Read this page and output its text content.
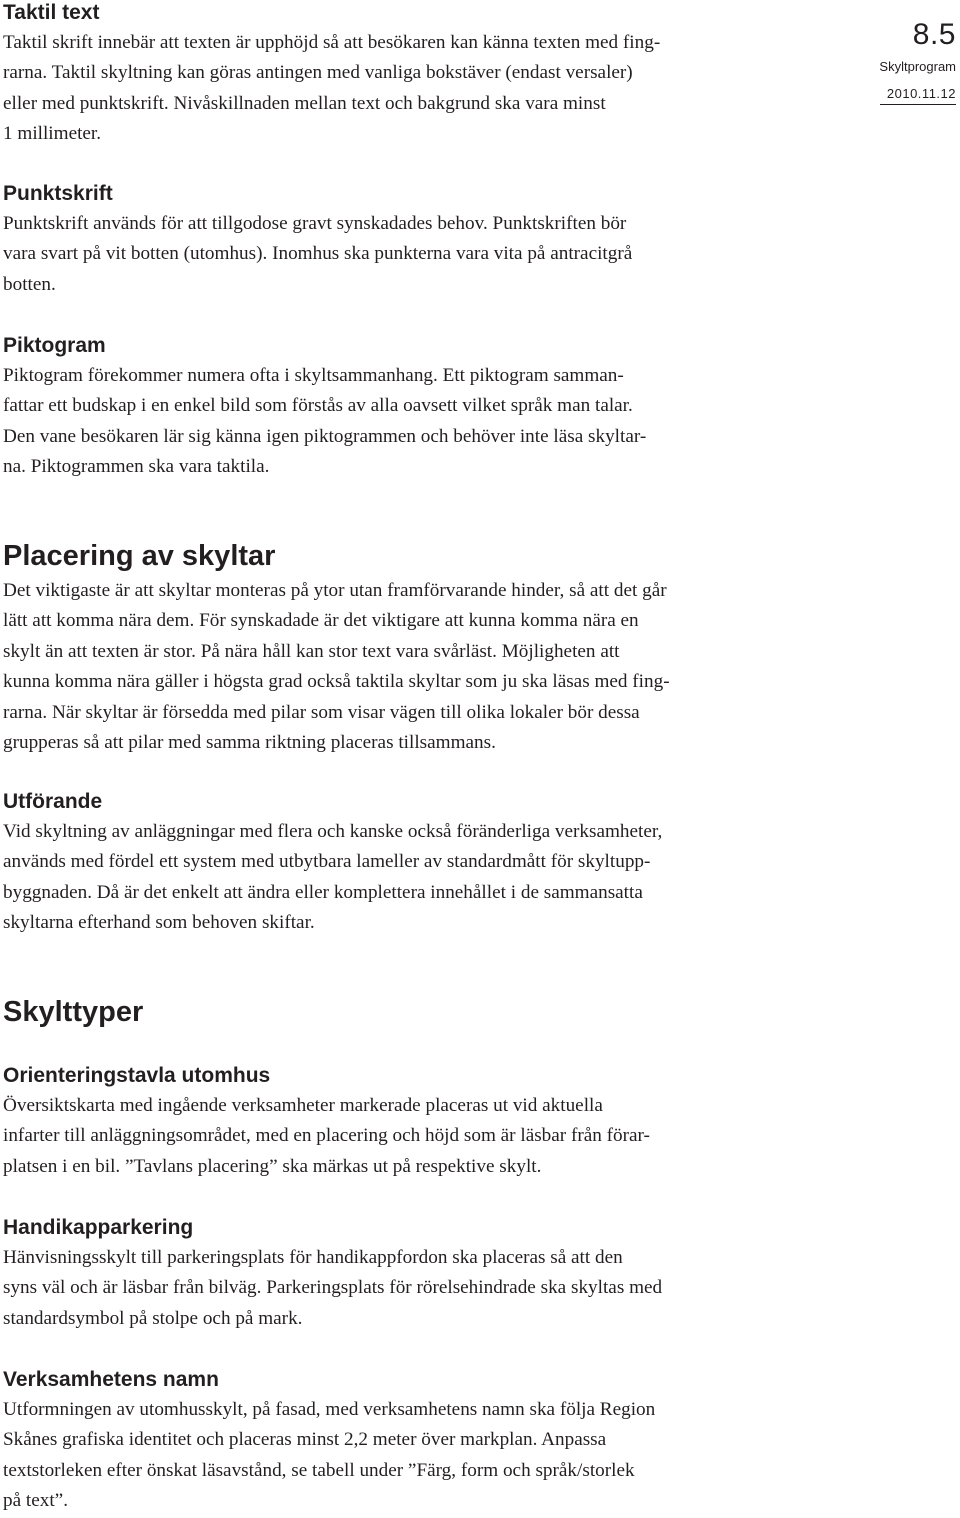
8.5
Skyltprogram
2010.11.12
Taktil text

Taktil skrift innebär att texten är upphöjd så att besökaren kan känna texten med fing-
rarna. Taktil skyltning kan göras antingen med vanliga bokstäver (endast versaler)
eller med punktskrift. Nivåskillnaden mellan text och bakgrund ska vara minst
1 millimeter.

Punktskrift

Punktskrift används för att tillgodose gravt synskadades behov. Punktskriften bör
vara svart på vit botten (utomhus). Inomhus ska punkterna vara vita på antracitgrå
botten.

Piktogram

Piktogram förekommer numera ofta i skyltsammanhang. Ett piktogram samman-
fattar ett budskap i en enkel bild som förstås av alla oavsett vilket språk man talar.
Den vane besökaren lär sig känna igen piktogrammen och behöver inte läsa skyltar-
na. Piktogrammen ska vara taktila.

Placering av skyltar

Det viktigaste är att skyltar monteras på ytor utan framförvarande hinder, så att det går
lätt att komma nära dem. För synskadade är det viktigare att kunna komma nära en
skylt än att texten är stor. På nära håll kan stor text vara svårläst. Möjligheten att
kunna komma nära gäller i högsta grad också taktila skyltar som ju ska läsas med fing-
rarna. När skyltar är försedda med pilar som visar vägen till olika lokaler bör dessa
grupperas så att pilar med samma riktning placeras tillsammans.

Utförande

Vid skyltning av anläggningar med flera och kanske också föränderliga verksamheter,
används med fördel ett system med utbytbara lameller av standardmått för skyltupp-
byggnaden. Då är det enkelt att ändra eller komplettera innehållet i de sammansatta
skyltarna efterhand som behoven skiftar.

Skylttyper
Orienteringstavla utomhus

Översiktskarta med ingående verksamheter markerade placeras ut vid aktuella
infarter till anläggningsområdet, med en placering och höjd som är läsbar från förar-
platsen i en bil. ”Tavlans placering” ska märkas ut på respektive skylt.

Handikapparkering

Hänvisningsskylt till parkeringsplats för handikappfordon ska placeras så att den
syns väl och är läsbar från bilväg. Parkeringsplats för rörelsehindrade ska skyltas med
standardsymbol på stolpe och på mark.

Verksamhetens namn

Utformningen av utomhusskylt, på fasad, med verksamhetens namn ska följa Region
Skånes grafiska identitet och placeras minst 2,2 meter över markplan. Anpassa
textstorleken efter önskat läsavstånd, se tabell under ”Färg, form och språk/storlek
på text”.
